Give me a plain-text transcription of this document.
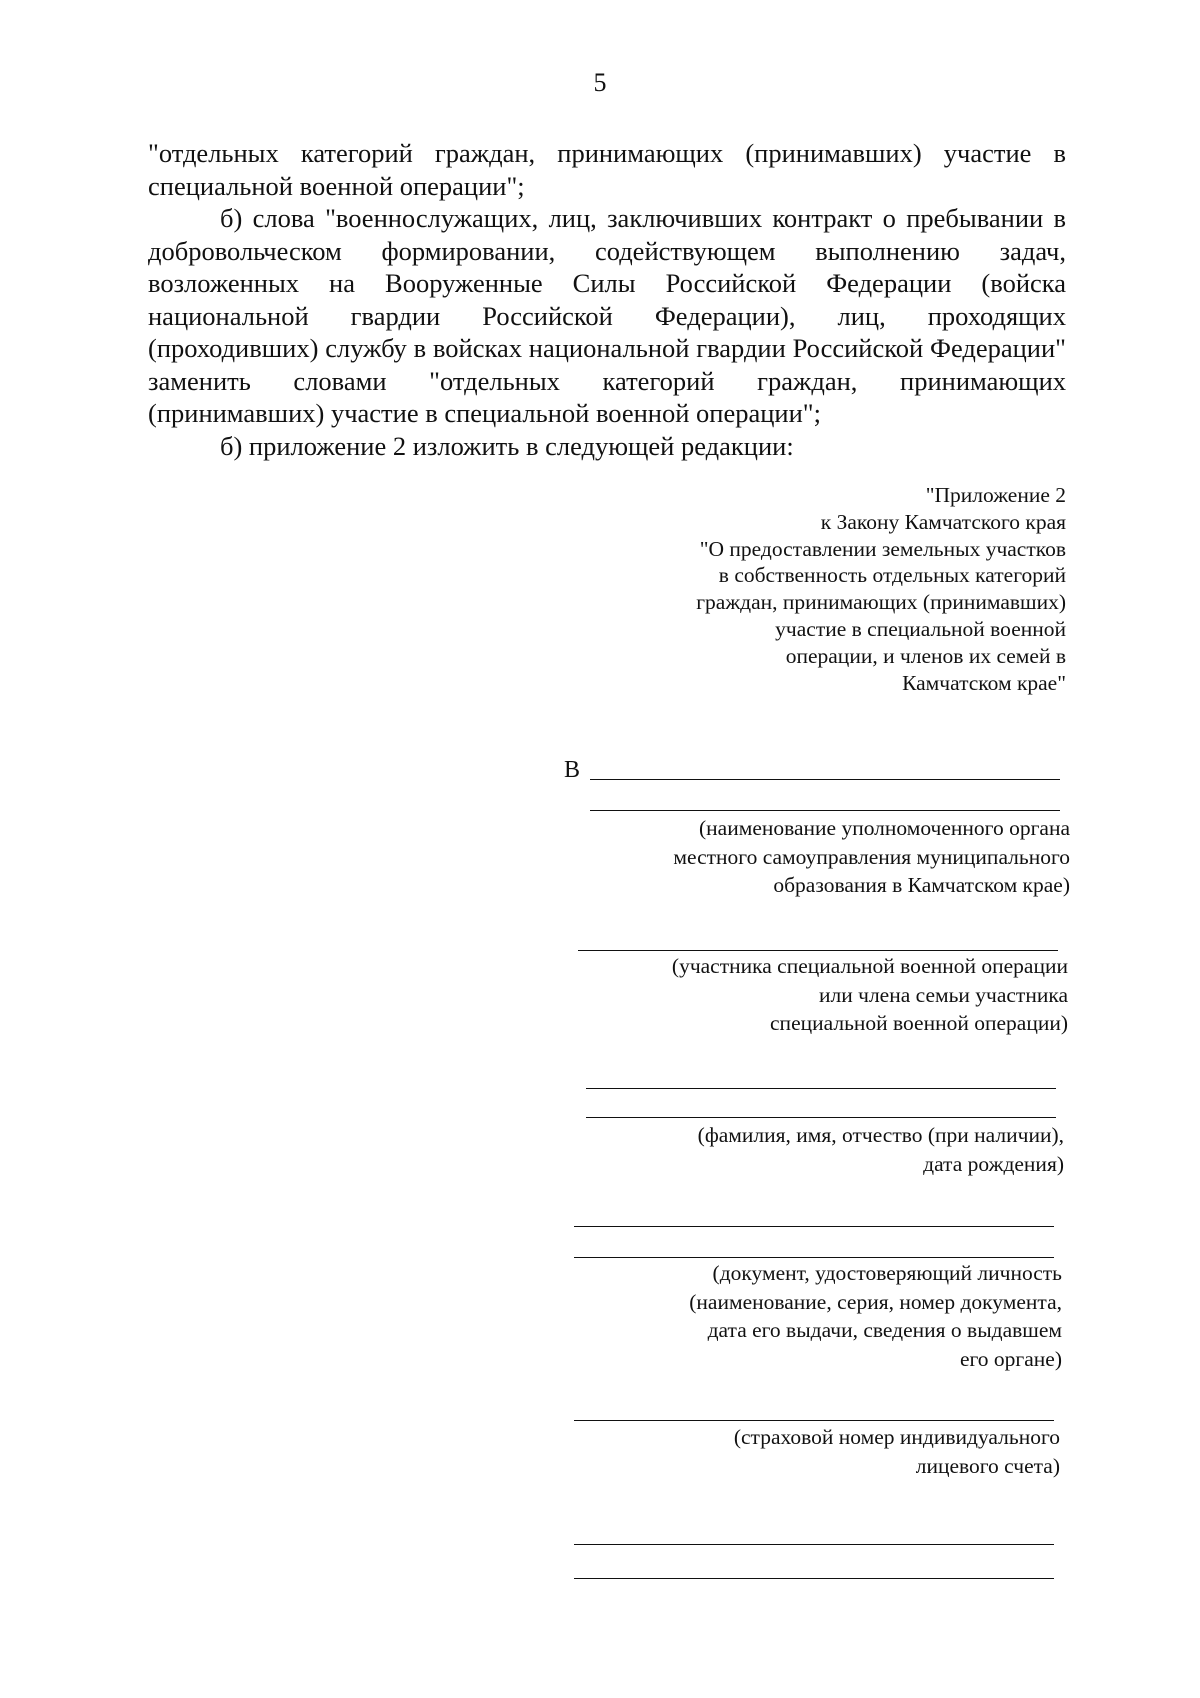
5

"отдельных категорий граждан, принимающих (принимавших) участие в специальной военной операции";

б) слова "военнослужащих, лиц, заключивших контракт о пребывании в добровольческом формировании, содействующем выполнению задач, возложенных на Вооруженные Силы Российской Федерации (войска национальной гвардии Российской Федерации), лиц, проходящих (проходивших) службу в войсках национальной гвардии Российской Федерации" заменить словами "отдельных категорий граждан, принимающих (принимавших) участие в специальной военной операции";

б) приложение 2 изложить в следующей редакции:

"Приложение 2
к Закону Камчатского края
"О предоставлении земельных участков
в собственность отдельных категорий
граждан, принимающих (принимавших)
участие в специальной военной
операции, и членов их семей в
Камчатском крае"
В
(наименование уполномоченного органа
местного самоуправления муниципального
образования в Камчатском крае)
(участника специальной военной операции
или члена семьи участника
специальной военной операции)
(фамилия, имя, отчество (при наличии),
дата рождения)
(документ, удостоверяющий личность
(наименование, серия, номер документа,
дата его выдачи, сведения о выдавшем
его органе)
(страховой номер индивидуального
лицевого счета)
